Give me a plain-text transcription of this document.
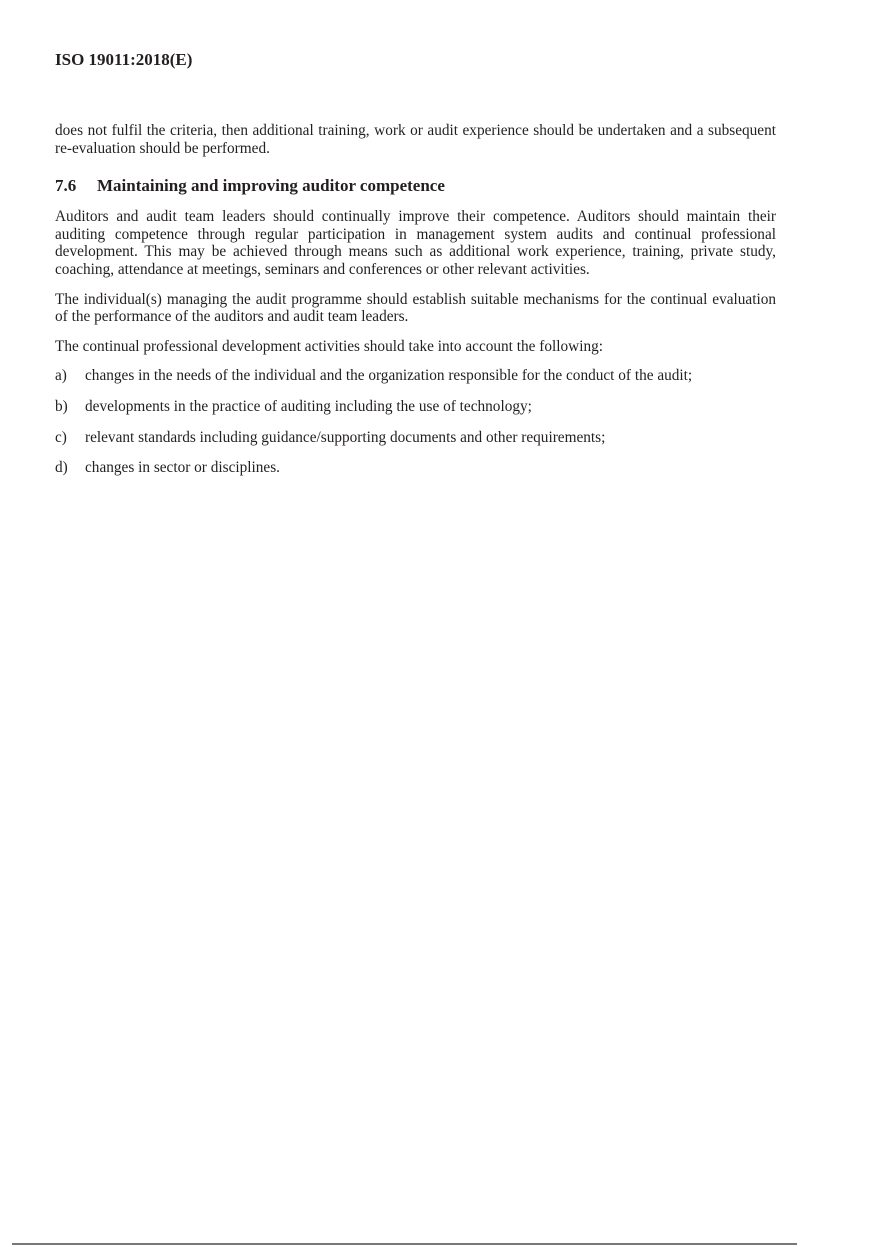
ISO 19011:2018(E)

does not fulfil the criteria, then additional training, work or audit experience should be undertaken and a subsequent re-evaluation should be performed.

7.6 Maintaining and improving auditor competence

Auditors and audit team leaders should continually improve their competence. Auditors should maintain their auditing competence through regular participation in management system audits and continual professional development. This may be achieved through means such as additional work experience, training, private study, coaching, attendance at meetings, seminars and conferences or other relevant activities.

The individual(s) managing the audit programme should establish suitable mechanisms for the continual evaluation of the performance of the auditors and audit team leaders.

The continual professional development activities should take into account the following:

a)	changes in the needs of the individual and the organization responsible for the conduct of the audit;
b)	developments in the practice of auditing including the use of technology;
c)	relevant standards including guidance/supporting documents and other requirements;
d)	changes in sector or disciplines.
